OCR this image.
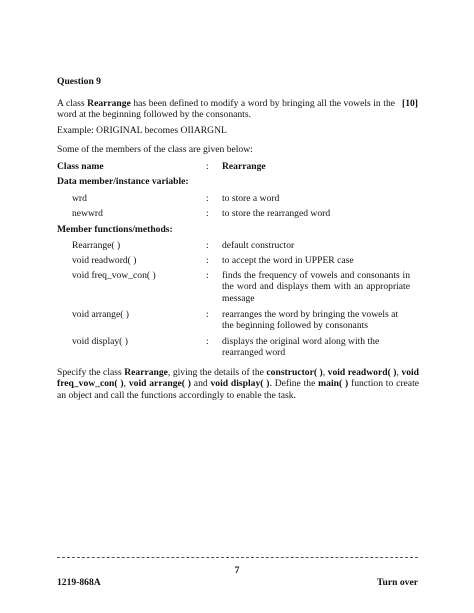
Question 9
A class Rearrange has been defined to modify a word by bringing all the vowels in the word at the beginning followed by the consonants.
[10]
Example: ORIGINAL becomes OIIARGNL
Some of the members of the class are given below:
Class name	: Rearrange
Data member/instance variable:
wrd	: to store a word
newwrd	: to store the rearranged word
Member functions/methods:
Rearrange( )	: default constructor
void readword( )	: to accept the word in UPPER case
void freq_vow_con( )	: finds the frequency of vowels and consonants in the word and displays them with an appropriate message
void arrange( )	: rearranges the word by bringing the vowels at the beginning followed by consonants
void display( )	: displays the original word along with the rearranged word
Specify the class Rearrange, giving the details of the constructor( ), void readword( ), void freq_vow_con( ), void arrange( ) and void display( ). Define the main( ) function to create an object and call the functions accordingly to enable the task.
7
1219-868A	Turn over
